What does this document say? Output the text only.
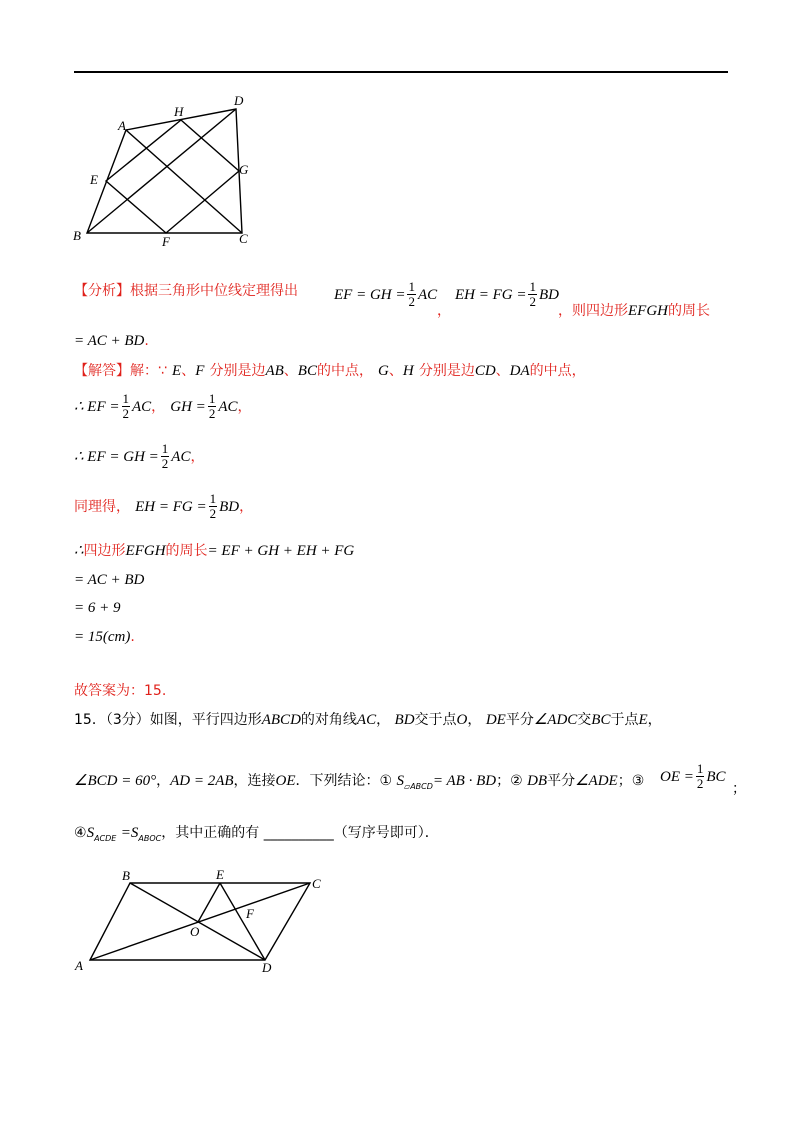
A
H
D
E
G
B	F	C
【分析】根据三角形中位线定理得出 EF = GH = $\frac{1}{2}$ AC
，
EH = FG = $\frac{1}{2}$ BD
，则四边形EFGH的周长
= AC + BD.
【解答】解：∵ E、F 分别是边AB、BC的中点， G、H 分别是边CD、DA的中点，
∴ EF = $\frac{1}{2}$ AC， GH = $\frac{1}{2}$ AC，
∴ EF = GH = $\frac{1}{2}$ AC，
同理得， EH = FG = $\frac{1}{2}$ BD，
∴四边形EFGH的周长= EF + GH + EH + FG
= AC + BD
= 6 + 9
= 15(cm).
故答案为：15.
15．（3分）如图，平行四边形ABCD的对角线AC， BD交于点O， DE平分∠ADC交BC于点E，
∠BCD = 60°，AD = 2AB，连接OE．下列结论：① $S_{▱ABCD}=$ AB · BD；② DB平分∠ADE；③ OE = $\frac{1}{2}$ BC
；
$④S_{ACDE} =S_{ABOC}$，其中正确的有 __________（写序号即可）．
B	E
C
F
O
A	D
